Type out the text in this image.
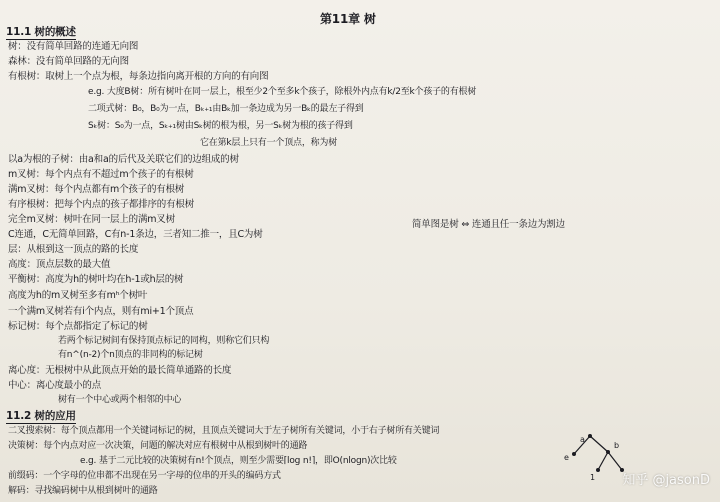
第11章 树
11.1 树的概述
树：没有简单回路的连通无向图
森林：没有简单回路的无向图
有根树：取树上一个点为根，每条边指向离开根的方向的有向图
e.g. 大度B树：所有树叶在同一层上，根至少2个至多k个孩子，除根外内点有k/2至k个孩子的有根树
二项式树：B₀，B₀为一点，Bₖ₊₁由Bₖ加一条边成为另一Bₖ的最左子得到
Sₖ树：S₀为一点，Sₖ₊₁树由Sₖ树的根为根，另一Sₖ树为根的孩子得到
它在第k层上只有一个顶点，称为树
以a为根的子树：由a和a的后代及关联它们的边组成的树
m叉树：每个内点有不超过m个孩子的有根树
满m叉树：每个内点都有m个孩子的有根树
有序根树：把每个内点的孩子都排序的有根树
完全m叉树：树叶在同一层上的满m叉树
C连通，C无简单回路，C有n-1条边，三者知二推一，且C为树
层：从根到这一顶点的路的长度
高度：顶点层数的最大值
平衡树：高度为h的树叶均在h-1或h层的树
高度为h的m叉树至多有mʰ个树叶
一个满m叉树若有i个内点，则有mi+1个顶点
标记树：每个点都指定了标记的树
若两个标记树间有保持顶点标记的同构，则称它们只构
有n^(n-2)个n顶点的非同构的标记树
离心度：无根树中从此顶点开始的最长简单通路的长度
中心：离心度最小的点
树有一个中心或两个相邻的中心
简单图是树 ⇔ 连通且任一条边为割边
11.2 树的应用
二叉搜索树：每个顶点都用一个关键词标记的树，且顶点关键词大于左子树所有关键词，小于右子树所有关键词
决策树：每个内点对应一次决策，问题的解决对应有根树中从根到树叶的通路
e.g. 基于二元比较的决策树有n!个顶点，则至少需要⌈log n!⌉，即O(nlogn)次比较
前缀码：一个字母的位串都不出现在另一字母的位串的开头的编码方式
解码：寻找编码树中从根到树叶的通路
e
a
b
1 知乎 @jasonD
